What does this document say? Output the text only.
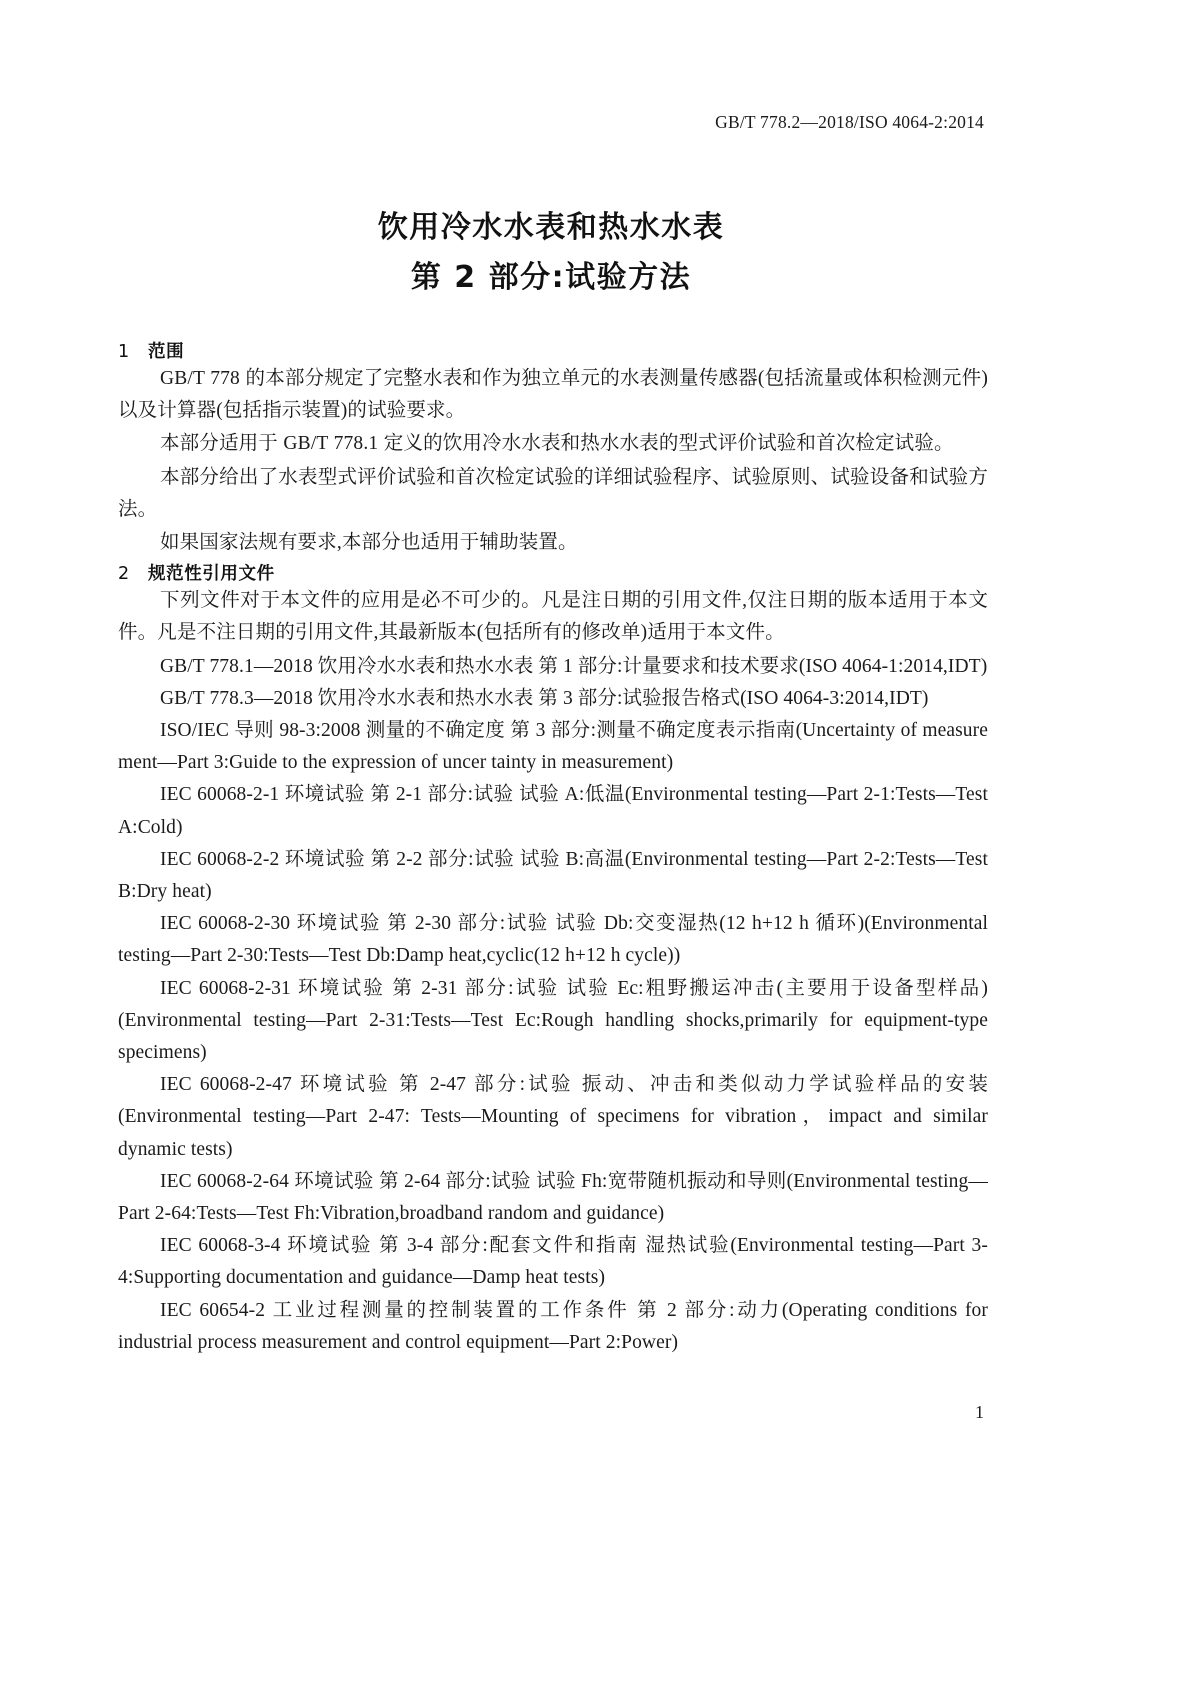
GB/T 778.2—2018/ISO 4064-2:2014
饮用冷水水表和热水水表
第 2 部分:试验方法
1 范围

GB/T 778 的本部分规定了完整水表和作为独立单元的水表测量传感器(包括流量或体积检测元件)以及计算器(包括指示装置)的试验要求。

本部分适用于 GB/T 778.1 定义的饮用冷水水表和热水水表的型式评价试验和首次检定试验。

本部分给出了水表型式评价试验和首次检定试验的详细试验程序、试验原则、试验设备和试验方法。

如果国家法规有要求,本部分也适用于辅助装置。

2 规范性引用文件

下列文件对于本文件的应用是必不可少的。凡是注日期的引用文件,仅注日期的版本适用于本文件。凡是不注日期的引用文件,其最新版本(包括所有的修改单)适用于本文件。

GB/T 778.1—2018 饮用冷水水表和热水水表 第 1 部分:计量要求和技术要求(ISO 4064-1:2014,IDT)

GB/T 778.3—2018 饮用冷水水表和热水水表 第 3 部分:试验报告格式(ISO 4064-3:2014,IDT)

ISO/IEC 导则 98-3:2008 测量的不确定度 第 3 部分:测量不确定度表示指南(Uncertainty of measure ment—Part 3:Guide to the expression of uncer tainty in measurement)

IEC 60068-2-1 环境试验 第 2-1 部分:试验 试验 A:低温(Environmental testing—Part 2-1:Tests—Test A:Cold)

IEC 60068-2-2 环境试验 第 2-2 部分:试验 试验 B:高温(Environmental testing—Part 2-2:Tests—Test B:Dry heat)

IEC 60068-2-30 环境试验 第 2-30 部分:试验 试验 Db:交变湿热(12 h+12 h 循环)(Environmental testing—Part 2-30:Tests—Test Db:Damp heat,cyclic(12 h+12 h cycle))

IEC 60068-2-31 环境试验 第 2-31 部分:试验 试验 Ec:粗野搬运冲击(主要用于设备型样品)(Environmental testing—Part 2-31:Tests—Test Ec:Rough handling shocks,primarily for equipment-type specimens)

IEC 60068-2-47 环境试验 第 2-47 部分:试验 振动、冲击和类似动力学试验样品的安装(Environmental testing—Part 2-47: Tests—Mounting of specimens for vibration，impact and similar dynamic tests)

IEC 60068-2-64 环境试验 第 2-64 部分:试验 试验 Fh:宽带随机振动和导则(Environmental testing—Part 2-64:Tests—Test Fh:Vibration,broadband random and guidance)

IEC 60068-3-4 环境试验 第 3-4 部分:配套文件和指南 湿热试验(Environmental testing—Part 3-4:Supporting documentation and guidance—Damp heat tests)

IEC 60654-2 工业过程测量的控制装置的工作条件 第 2 部分:动力(Operating conditions for industrial process measurement and control equipment—Part 2:Power)

1
